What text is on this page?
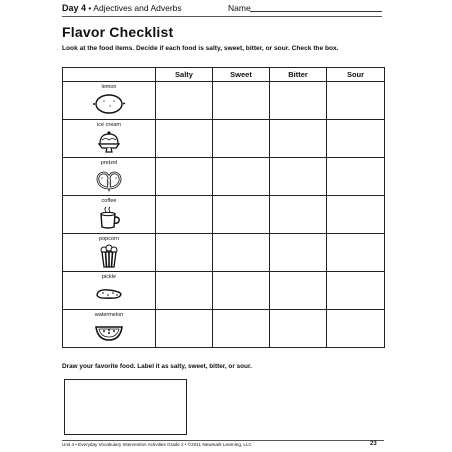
Day 4 • Adjectives and Adverbs	Name
Flavor Checklist
Look at the food items. Decide if each food is salty, sweet, bitter, or sour. Check the box.
	Salty	Sweet	Bitter	Sour

lemon				

ice cream				

pretzel				

coffee				

popcorn				

pickle				

watermelon				

Draw your favorite food. Label it as salty, sweet, bitter, or sour.
Unit 4 • Everyday Vocabulary Intervention Activities Grade 2 • ©2011 Newmark Learning, LLC	23
